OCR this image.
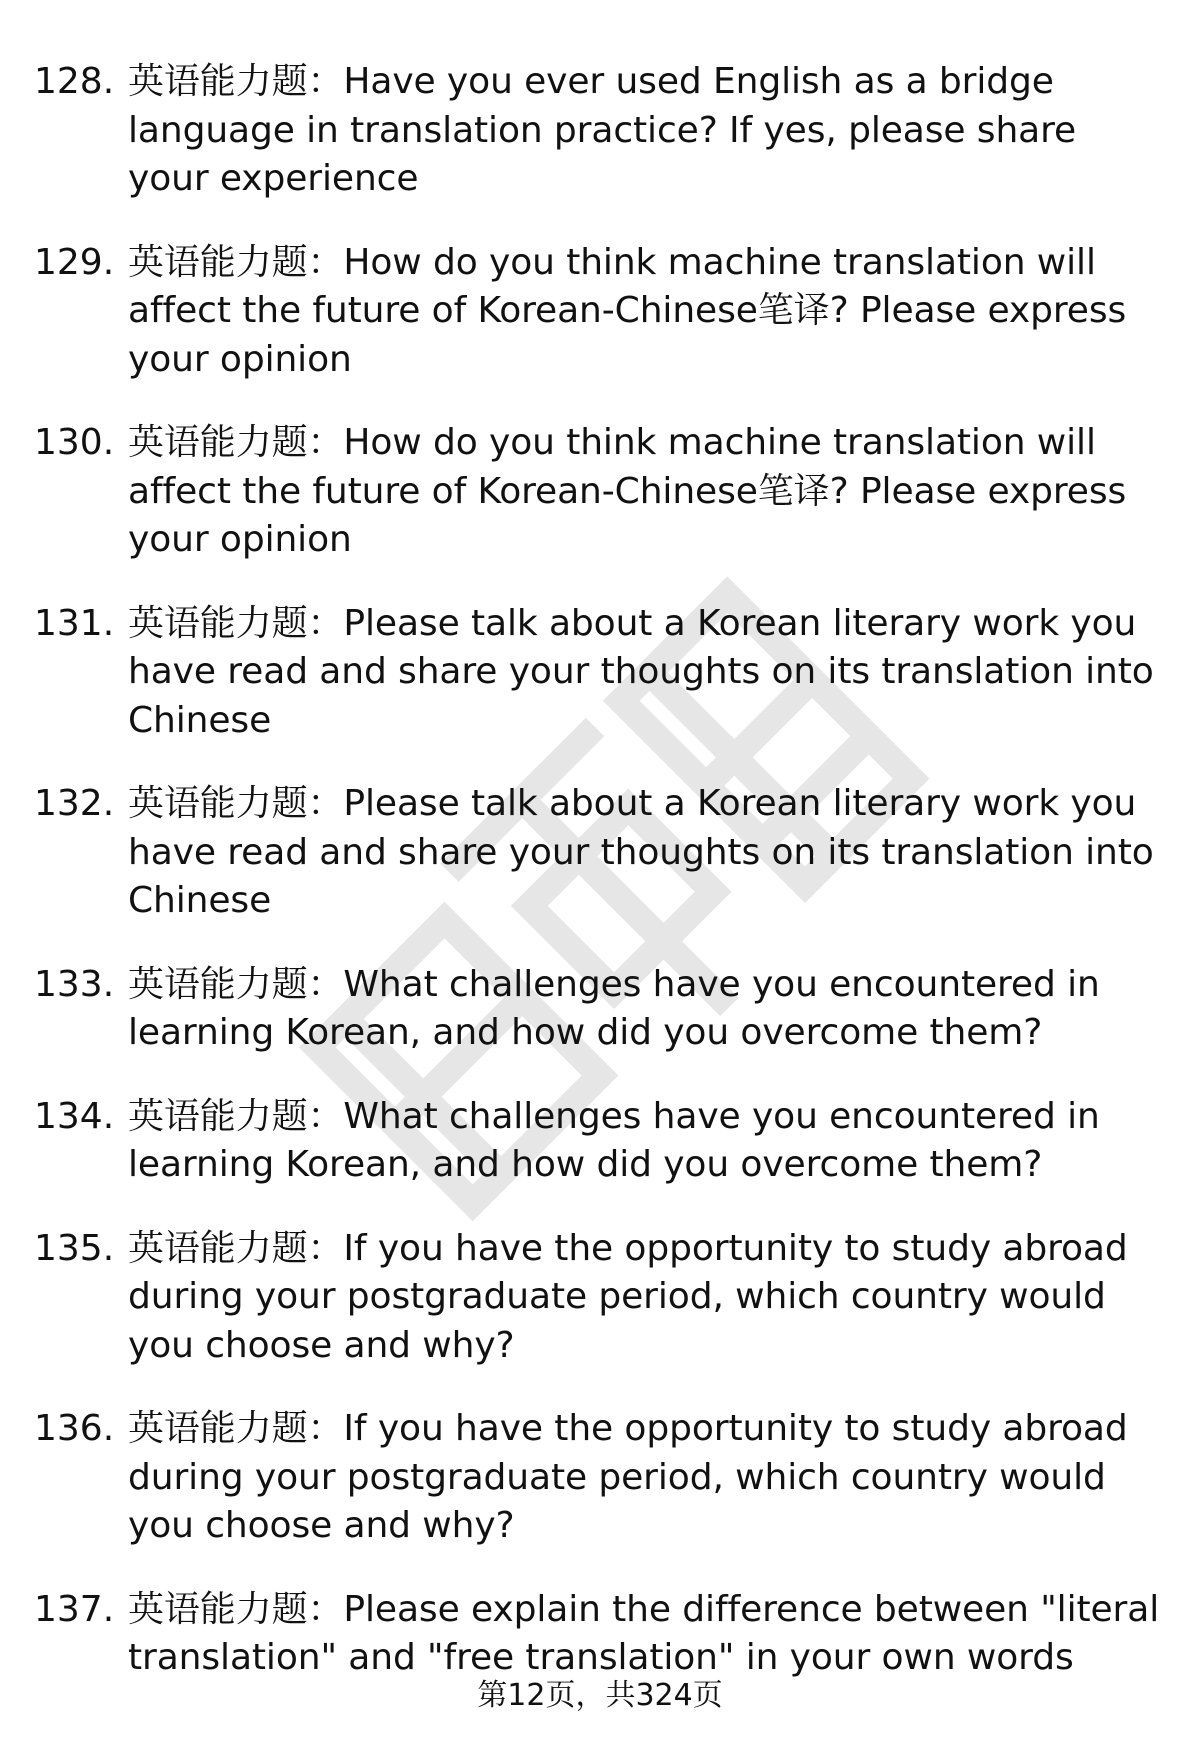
128. 英语能力题：Have you ever used English as a bridge language in translation practice? If yes, please share your experience
129. 英语能力题：How do you think machine translation will affect the future of Korean-Chinese笔译? Please express your opinion
130. 英语能力题：How do you think machine translation will affect the future of Korean-Chinese笔译? Please express your opinion
131. 英语能力题：Please talk about a Korean literary work you have read and share your thoughts on its translation into Chinese
132. 英语能力题：Please talk about a Korean literary work you have read and share your thoughts on its translation into Chinese
133. 英语能力题：What challenges have you encountered in learning Korean, and how did you overcome them?
134. 英语能力题：What challenges have you encountered in learning Korean, and how did you overcome them?
135. 英语能力题：If you have the opportunity to study abroad during your postgraduate period, which country would you choose and why?
136. 英语能力题：If you have the opportunity to study abroad during your postgraduate period, which country would you choose and why?
137. 英语能力题：Please explain the difference between "literal translation" and "free translation" in your own words
第12页，共324页
